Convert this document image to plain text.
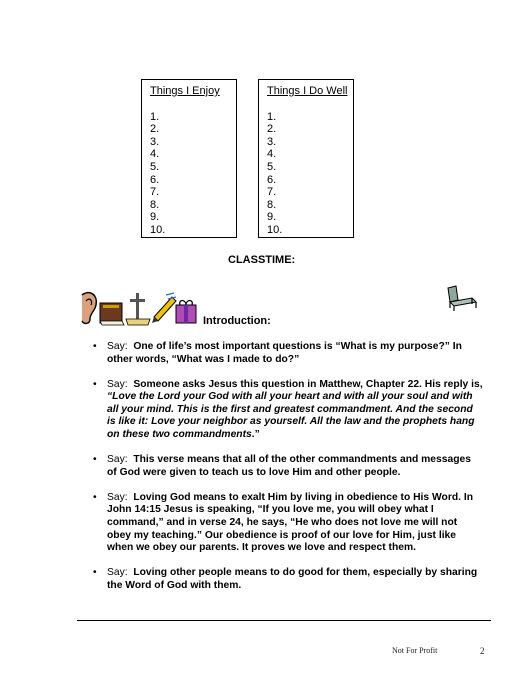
Things I Enjoy
1.
2.
3.
4.
5.
6.
7.
8.
9.
10.
Things I Do Well
1.
2.
3.
4.
5.
6.
7.
8.
9.
10.
CLASSTIME:
Introduction:
• Say: One of life’s most important questions is “What is my purpose?” In other words, “What was I made to do?”
• Say: Someone asks Jesus this question in Matthew, Chapter 22. His reply is, “Love the Lord your God with all your heart and with all your soul and with all your mind. This is the first and greatest commandment. And the second is like it: Love your neighbor as yourself. All the law and the prophets hang on these two commandments.”
• Say: This verse means that all of the other commandments and messages of God were given to teach us to love Him and other people.
• Say: Loving God means to exalt Him by living in obedience to His Word. In John 14:15 Jesus is speaking, “If you love me, you will obey what I command,” and in verse 24, he says, “He who does not love me will not obey my teaching.” Our obedience is proof of our love for Him, just like when we obey our parents. It proves we love and respect them.
• Say: Loving other people means to do good for them, especially by sharing the Word of God with them.
Not For Profit	2
